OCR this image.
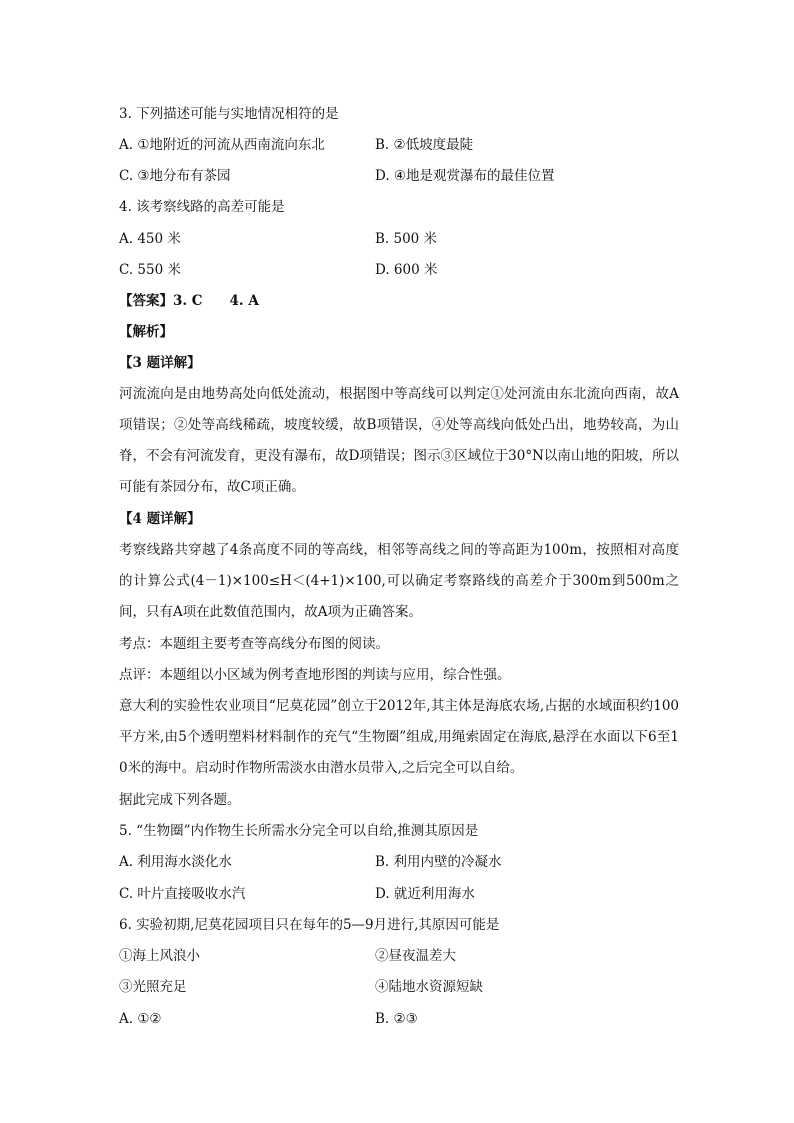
3. 下列描述可能与实地情况相符的是
A. ①地附近的河流从西南流向东北	B. ②低坡度最陡
C. ③地分布有茶园	D. ④地是观赏瀑布的最佳位置
4. 该考察线路的高差可能是
A. 450 米	B. 500 米
C. 550 米	D. 600 米
【答案】3. C　　4. A
【解析】
【3 题详解】
河流流向是由地势高处向低处流动，根据图中等高线可以判定①处河流由东北流向西南，故A项错误；②处等高线稀疏，坡度较缓，故B项错误，④处等高线向低处凸出，地势较高，为山脊，不会有河流发育，更没有瀑布，故D项错误；图示③区域位于30°N以南山地的阳坡，所以可能有茶园分布，故C项正确。
【4 题详解】
考察线路共穿越了4条高度不同的等高线，相邻等高线之间的等高距为100m，按照相对高度的计算公式(4－1)×100≤H＜(4+1)×100,可以确定考察路线的高差介于300m到500m之间，只有A项在此数值范围内，故A项为正确答案。
考点：本题组主要考查等高线分布图的阅读。
点评：本题组以小区域为例考查地形图的判读与应用，综合性强。
意大利的实验性农业项目“尼莫花园”创立于2012年,其主体是海底农场,占据的水域面积约100平方米,由5个透明塑料材料制作的充气“生物圈”组成,用绳索固定在海底,悬浮在水面以下6至10米的海中。启动时作物所需淡水由潜水员带入,之后完全可以自给。
据此完成下列各题。
5. “生物圈”内作物生长所需水分完全可以自给,推测其原因是
A. 利用海水淡化水	B. 利用内壁的冷凝水
C. 叶片直接吸收水汽	D. 就近利用海水
6. 实验初期,尼莫花园项目只在每年的5—9月进行,其原因可能是
①海上风浪小	②昼夜温差大
③光照充足	④陆地水资源短缺
A. ①②	B. ②③
